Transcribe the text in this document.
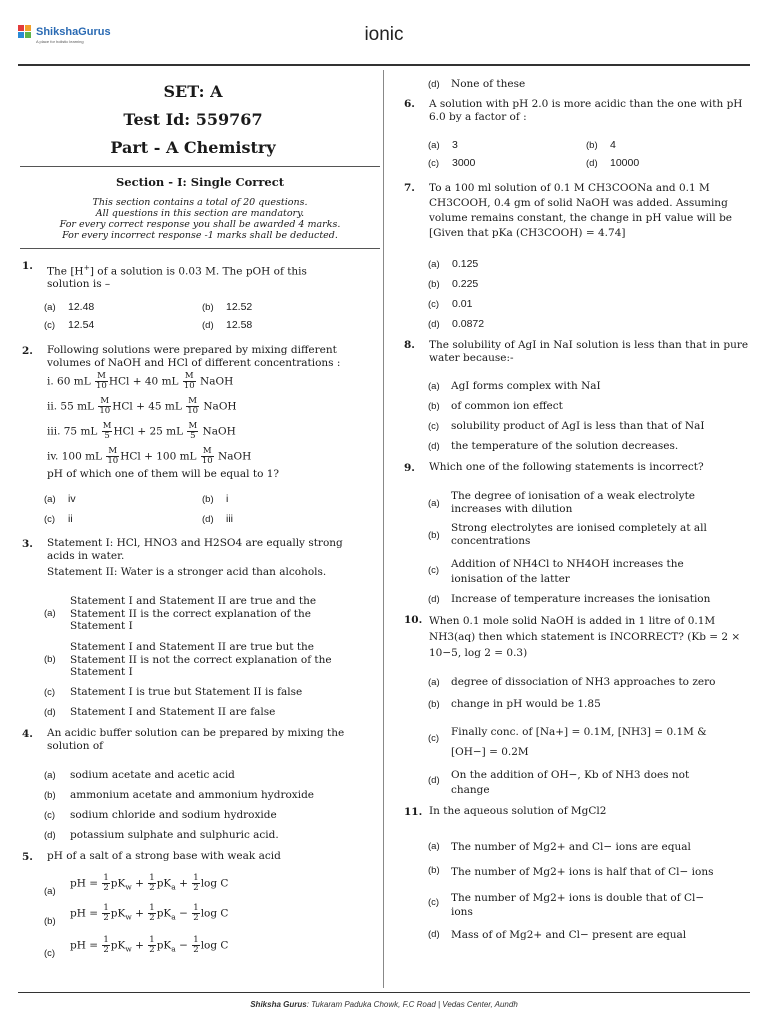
ShikshaGurus
A place for holistic learning	ionic
SET: A
Test Id: 559767
Part - A Chemistry
Section - I: Single Correct
This section contains a total of 20 questions.
All questions in this section are mandatory.
For every correct response you shall be awarded 4 marks.
For every incorrect response -1 marks shall be deducted.
1. The [H+] of a solution is 0.03 M. The pOH of this solution is –
(a) 12.48	(b) 12.52
(c) 12.54	(d) 12.58
2. Following solutions were prepared by mixing different volumes of NaOH and HCl of different concentrations :
i. 60 mL $\frac{M}{10}$ HCl + 40 mL $\frac{M}{10}$ NaOH
ii. 55 mL $\frac{M}{10}$ HCl + 45 mL $\frac{M}{10}$ NaOH
iii. 75 mL $\frac{M}{5}$ HCl + 25 mL $\frac{M}{5}$ NaOH
iv. 100 mL $\frac{M}{10}$ HCl + 100 mL $\frac{M}{10}$ NaOH
pH of which one of them will be equal to 1?
(a) iv	(b) i
(c) ii	(d) iii
3. Statement I: HCl, HNO3 and H2SO4 are equally strong acids in water.
Statement II: Water is a stronger acid than alcohols.
(a)
Statement I and Statement II are true and the Statement II is the correct explanation of the Statement I
(b)
Statement I and Statement II are true but the Statement II is not the correct explanation of the Statement I
(c) Statement I is true but Statement II is false
(d) Statement I and Statement II are false
4. An acidic buffer solution can be prepared by mixing the solution of
(a) sodium acetate and acetic acid
(b) ammonium acetate and ammonium hydroxide
(c) sodium chloride and sodium hydroxide
(d) potassium sulphate and sulphuric acid.
5. pH of a salt of a strong base with weak acid
(a)
pH = $\frac{1}{2} pK_w + \frac{1}{2} pK_a + \frac{1}{2}$ log C
(b)
pH = $\frac{1}{2} pK_w + \frac{1}{2} pK_a - \frac{1}{2}$ log C
(c)
pH = $\frac{1}{2} pK_w + \frac{1}{2} pK_a - \frac{1}{2}$ log C
(d) None of these
6. A solution with pH 2.0 is more acidic than the one with pH 6.0 by a factor of :
(a) 3	(b) 4
(c) 3000	(d) 10000
7. To a 100 ml solution of 0.1 M CH3COONa and 0.1 M CH3COOH, 0.4 gm of solid NaOH was added. Assuming volume remains constant, the change in pH value will be [Given that pKa (CH3COOH) = 4.74]
(a) 0.125
(b) 0.225
(c) 0.01
(d) 0.0872
8. The solubility of AgI in NaI solution is less than that in pure water because:-
(a) AgI forms complex with NaI
(b) of common ion effect
(c) solubility product of AgI is less than that of NaI
(d) the temperature of the solution decreases.
9. Which one of the following statements is incorrect?
(a)
The degree of ionisation of a weak electrolyte increases with dilution
(b)
Strong electrolytes are ionised completely at all concentrations
(c)
Addition of NH4Cl to NH4OH increases the ionisation of the latter
(d) Increase of temperature increases the ionisation
10. When 0.1 mole solid NaOH is added in 1 litre of 0.1M NH3(aq) then which statement is INCORRECT? (Kb = 2 × 10−5, log 2 = 0.3)
(a) degree of dissociation of NH3 approaches to zero
(b) change in pH would be 1.85
(c)
Finally conc. of [Na+] = 0.1M, [NH3] = 0.1M & [OH−] = 0.2M
(d) On the addition of OH−, Kb of NH3 does not change
11. In the aqueous solution of MgCl2
(a) The number of Mg2+ and Cl− ions are equal
(b) The number of Mg2+ ions is half that of Cl− ions
(c) The number of Mg2+ ions is double that of Cl− ions
(d) Mass of of Mg2+ and Cl− present are equal
Shiksha Gurus: Tukaram Paduka Chowk, F.C Road | Vedas Center, Aundh
